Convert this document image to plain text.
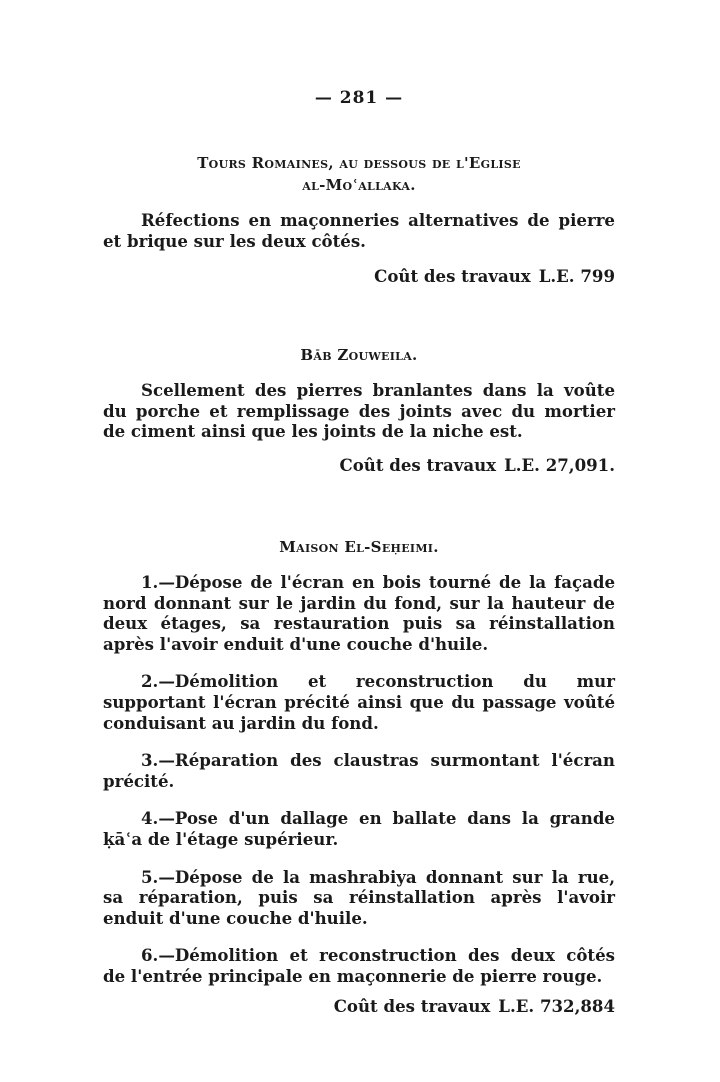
— 281 —
Tours Romaines, au dessous de l'Eglise
al-Moʿallaka.

Réfections en maçonneries alternatives de pierre et brique sur les deux côtés.

Coût des travaux L.E. 799
Bāb Zouweila.

Scellement des pierres branlantes dans la voûte du porche et remplissage des joints avec du mortier de ciment ainsi que les joints de la niche est.

Coût des travaux L.E. 27,091.
Maison El-Seḥeimi.

1.—Dépose de l'écran en bois tourné de la façade nord donnant sur le jardin du fond, sur la hauteur de deux étages, sa restauration puis sa réinstallation après l'avoir enduit d'une couche d'huile.

2.—Démolition et reconstruction du mur supportant l'écran précité ainsi que du passage voûté conduisant au jardin du fond.

3.—Réparation des claustras surmontant l'écran précité.

4.—Pose d'un dallage en ballate dans la grande ḳāʿa de l'étage supérieur.

5.—Dépose de la mashrabiya donnant sur la rue, sa réparation, puis sa réinstallation après l'avoir enduit d'une couche d'huile.

6.—Démolition et reconstruction des deux côtés de l'entrée principale en maçonnerie de pierre rouge.

Coût des travaux L.E. 732,884
